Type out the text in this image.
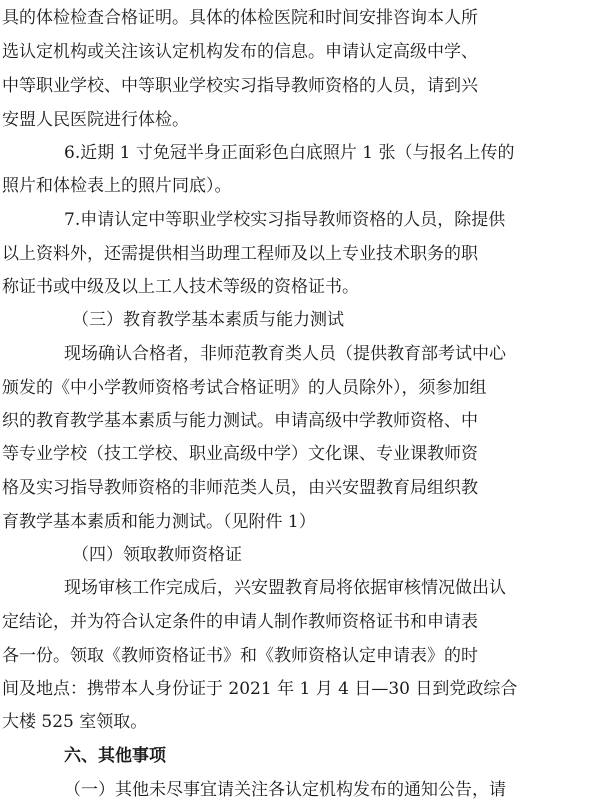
具的体检检查合格证明。具体的体检医院和时间安排咨询本人所
选认定机构或关注该认定机构发布的信息。申请认定高级中学、
中等职业学校、中等职业学校实习指导教师资格的人员，请到兴
安盟人民医院进行体检。
6.近期 1 寸免冠半身正面彩色白底照片 1 张（与报名上传的
照片和体检表上的照片同底）。
7.申请认定中等职业学校实习指导教师资格的人员，除提供
以上资料外，还需提供相当助理工程师及以上专业技术职务的职
称证书或中级及以上工人技术等级的资格证书。
（三）教育教学基本素质与能力测试
现场确认合格者，非师范教育类人员（提供教育部考试中心
颁发的《中小学教师资格考试合格证明》的人员除外），须参加组
织的教育教学基本素质与能力测试。申请高级中学教师资格、中
等专业学校（技工学校、职业高级中学）文化课、专业课教师资
格及实习指导教师资格的非师范类人员，由兴安盟教育局组织教
育教学基本素质和能力测试。（见附件 1）
（四）领取教师资格证
现场审核工作完成后，兴安盟教育局将依据审核情况做出认
定结论，并为符合认定条件的申请人制作教师资格证书和申请表
各一份。领取《教师资格证书》和《教师资格认定申请表》的时
间及地点：携带本人身份证于 2021 年 1 月 4 日—30 日到党政综合
大楼 525 室领取。
六、其他事项
（一）其他未尽事宜请关注各认定机构发布的通知公告，请
